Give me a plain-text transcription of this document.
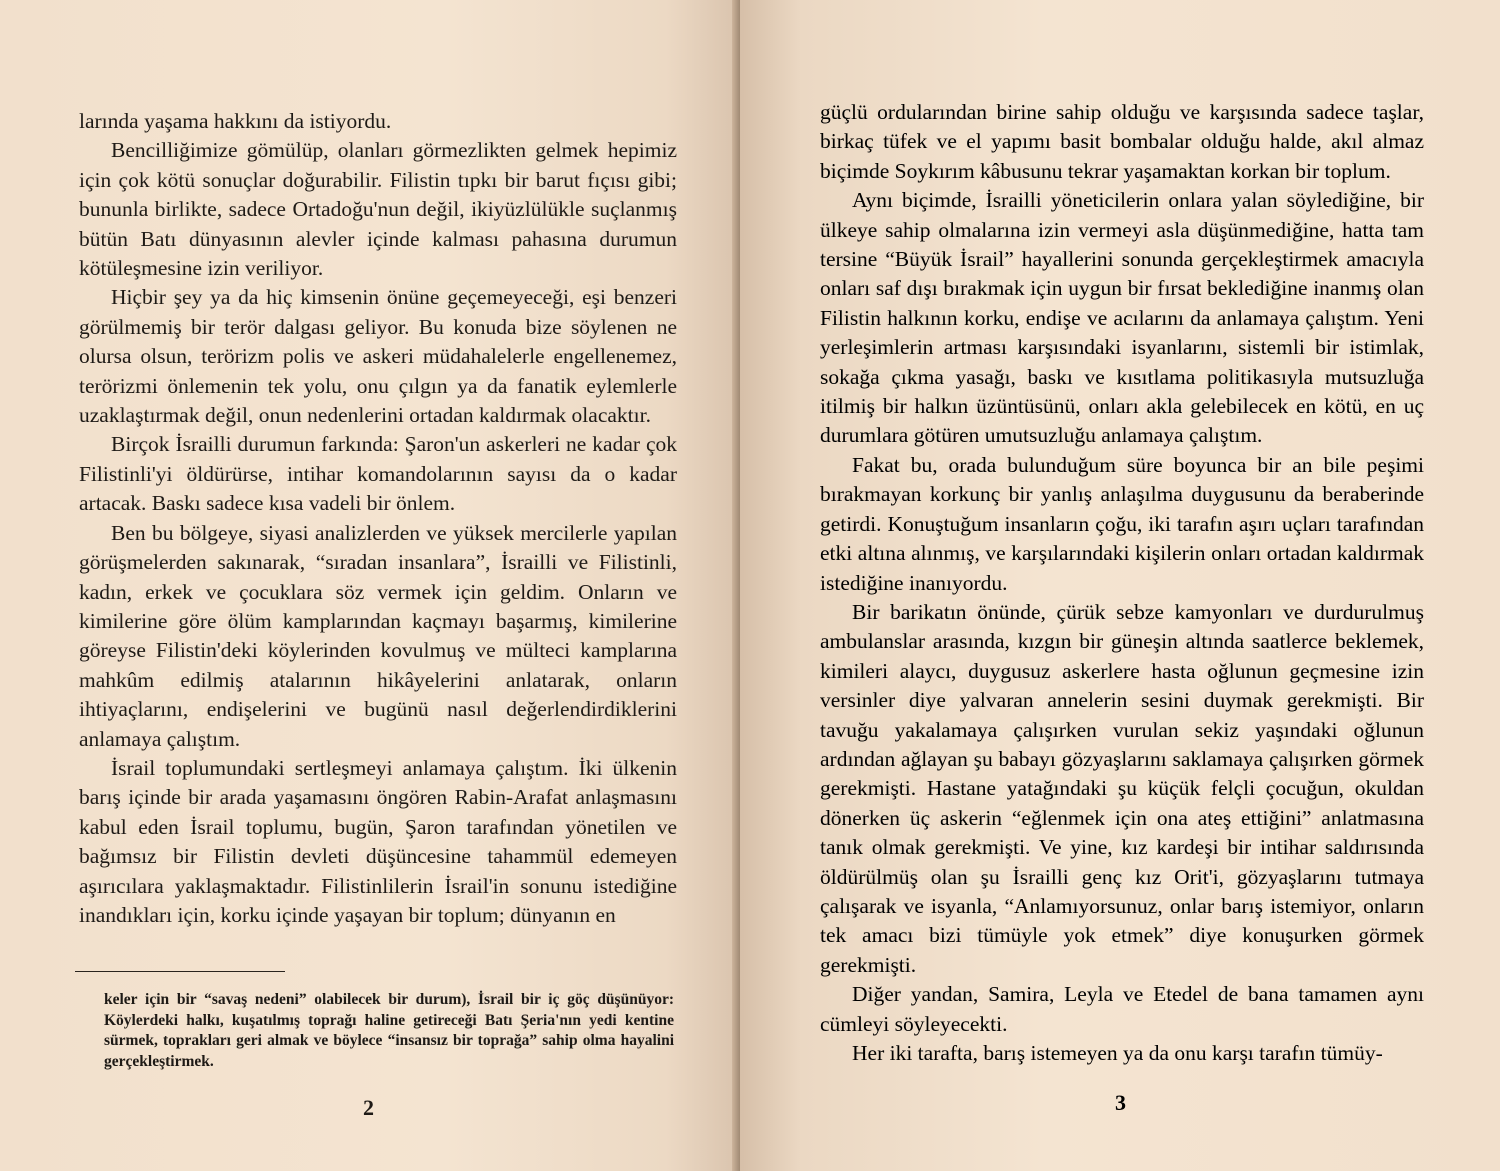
larında yaşama hakkını da istiyordu.

Bencilliğimize gömülüp, olanları görmezlikten gelmek hepimiz için çok kötü sonuçlar doğurabilir. Filistin tıpkı bir barut fıçısı gibi; bununla birlikte, sadece Ortadoğu'nun değil, ikiyüzlülükle suçlanmış bütün Batı dünyasının alevler içinde kalması pahasına durumun kötüleşmesine izin veriliyor.

Hiçbir şey ya da hiç kimsenin önüne geçemeyeceği, eşi benzeri görülmemiş bir terör dalgası geliyor. Bu konuda bize söylenen ne olursa olsun, terörizm polis ve askeri müdahalelerle engellenemez, terörizmi önlemenin tek yolu, onu çılgın ya da fanatik eylemlerle uzaklaştırmak değil, onun nedenlerini ortadan kaldırmak olacaktır.

Birçok İsrailli durumun farkında: Şaron'un askerleri ne kadar çok Filistinli'yi öldürürse, intihar komandolarının sayısı da o kadar artacak. Baskı sadece kısa vadeli bir önlem.

Ben bu bölgeye, siyasi analizlerden ve yüksek mercilerle yapılan görüşmelerden sakınarak, “sıradan insanlara”, İsrailli ve Filistinli, kadın, erkek ve çocuklara söz vermek için geldim. Onların ve kimilerine göre ölüm kamplarından kaçmayı başarmış, kimilerine göreyse Filistin'deki köylerinden kovulmuş ve mülteci kamplarına mahkûm edilmiş atalarının hikâyelerini anlatarak, onların ihtiyaçlarını, endişelerini ve bugünü nasıl değerlendirdiklerini anlamaya çalıştım.

İsrail toplumundaki sertleşmeyi anlamaya çalıştım. İki ülkenin barış içinde bir arada yaşamasını öngören Rabin-Arafat anlaşmasını kabul eden İsrail toplumu, bugün, Şaron tarafından yönetilen ve bağımsız bir Filistin devleti düşüncesine tahammül edemeyen aşırıcılara yaklaşmaktadır. Filistinlilerin İsrail'in sonunu istediğine inandıkları için, korku içinde yaşayan bir toplum; dünyanın en

keler için bir “savaş nedeni” olabilecek bir durum), İsrail bir iç göç düşünüyor: Köylerdeki halkı, kuşatılmış toprağı haline getireceği Batı Şeria'nın yedi kentine sürmek, toprakları geri almak ve böylece “insansız bir toprağa” sahip olma hayalini gerçekleştirmek.
2

güçlü ordularından birine sahip olduğu ve karşısında sadece taşlar, birkaç tüfek ve el yapımı basit bombalar olduğu halde, akıl almaz biçimde Soykırım kâbusunu tekrar yaşamaktan korkan bir toplum.

Aynı biçimde, İsrailli yöneticilerin onlara yalan söylediğine, bir ülkeye sahip olmalarına izin vermeyi asla düşünmediğine, hatta tam tersine “Büyük İsrail” hayallerini sonunda gerçekleştirmek amacıyla onları saf dışı bırakmak için uygun bir fırsat beklediğine inanmış olan Filistin halkının korku, endişe ve acılarını da anlamaya çalıştım. Yeni yerleşimlerin artması karşısındaki isyanlarını, sistemli bir istimlak, sokağa çıkma yasağı, baskı ve kısıtlama politikasıyla mutsuzluğa itilmiş bir halkın üzüntüsünü, onları akla gelebilecek en kötü, en uç durumlara götüren umutsuzluğu anlamaya çalıştım.

Fakat bu, orada bulunduğum süre boyunca bir an bile peşimi bırakmayan korkunç bir yanlış anlaşılma duygusunu da beraberinde getirdi. Konuştuğum insanların çoğu, iki tarafın aşırı uçları tarafından etki altına alınmış, ve karşılarındaki kişilerin onları ortadan kaldırmak istediğine inanıyordu.

Bir barikatın önünde, çürük sebze kamyonları ve durdurulmuş ambulanslar arasında, kızgın bir güneşin altında saatlerce beklemek, kimileri alaycı, duygusuz askerlere hasta oğlunun geçmesine izin versinler diye yalvaran annelerin sesini duymak gerekmişti. Bir tavuğu yakalamaya çalışırken vurulan sekiz yaşındaki oğlunun ardından ağlayan şu babayı gözyaşlarını saklamaya çalışırken görmek gerekmişti. Hastane yatağındaki şu küçük felçli çocuğun, okuldan dönerken üç askerin “eğlenmek için ona ateş ettiğini” anlatmasına tanık olmak gerekmişti. Ve yine, kız kardeşi bir intihar saldırısında öldürülmüş olan şu İsrailli genç kız Orit'i, gözyaşlarını tutmaya çalışarak ve isyanla, “Anlamıyorsunuz, onlar barış istemiyor, onların tek amacı bizi tümüyle yok etmek” diye konuşurken görmek gerekmişti.

Diğer yandan, Samira, Leyla ve Etedel de bana tamamen aynı cümleyi söyleyecekti.

Her iki tarafta, barış istemeyen ya da onu karşı tarafın tümüy-

3
